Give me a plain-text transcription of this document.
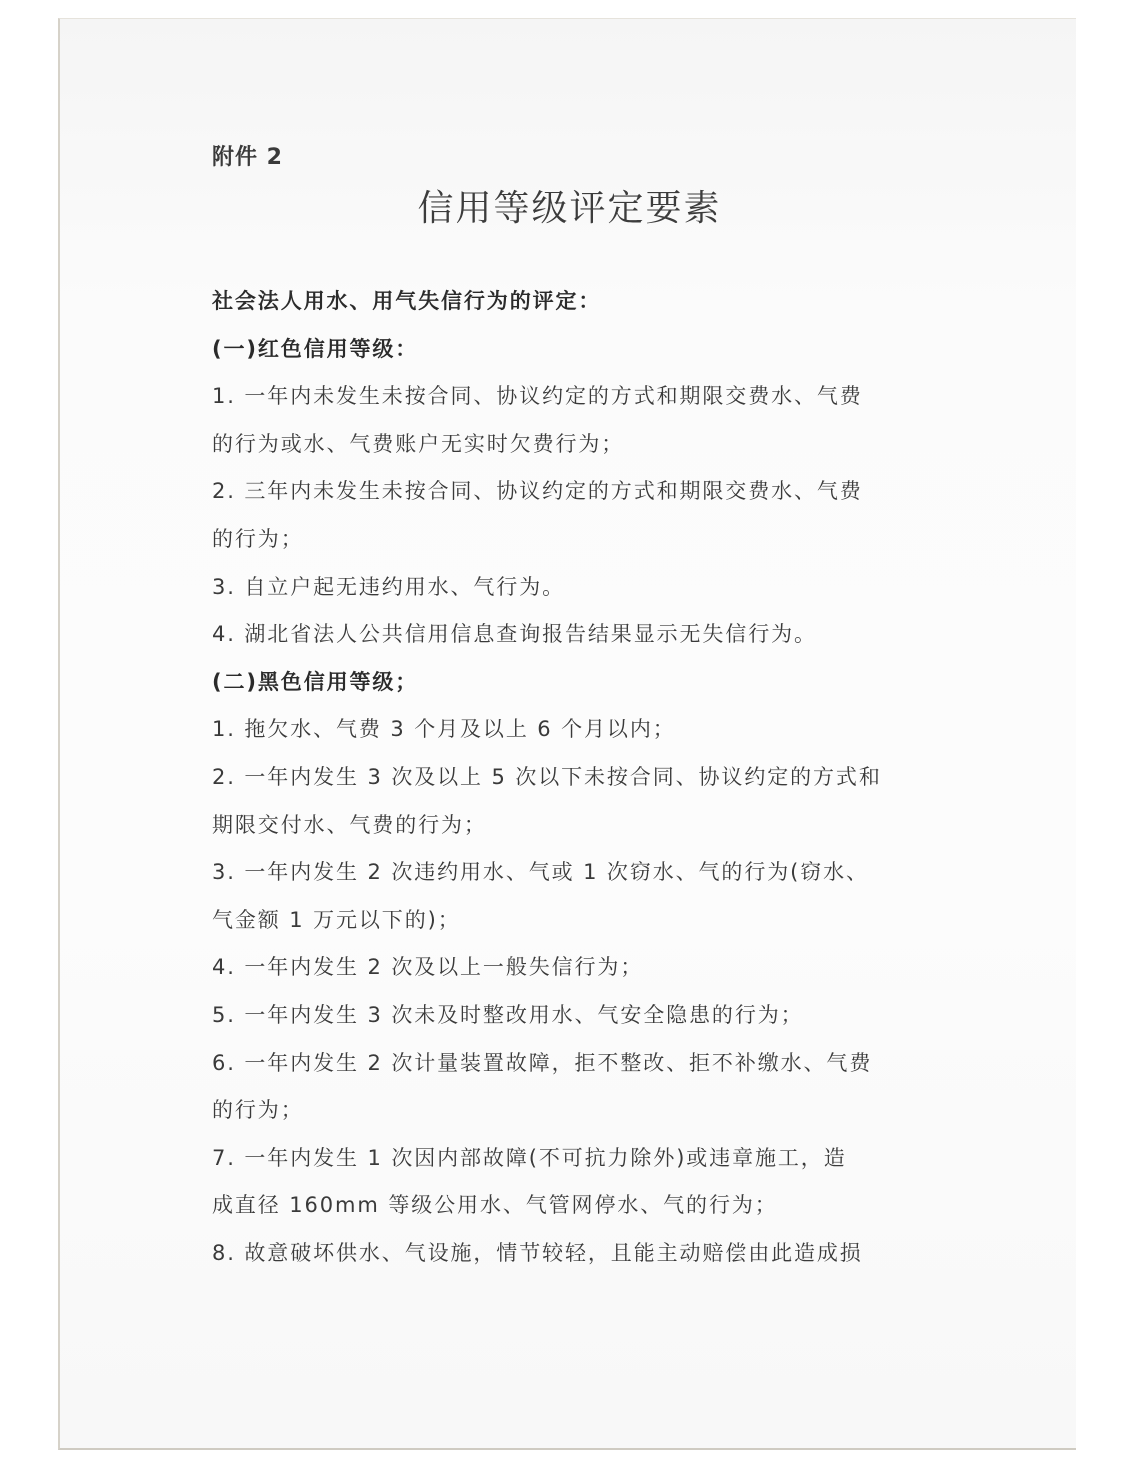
附件 2
信用等级评定要素
社会法人用水、用气失信行为的评定：
(一)红色信用等级：
1. 一年内未发生未按合同、协议约定的方式和期限交费水、气费
的行为或水、气费账户无实时欠费行为；
2. 三年内未发生未按合同、协议约定的方式和期限交费水、气费
的行为；
3. 自立户起无违约用水、气行为。
4. 湖北省法人公共信用信息查询报告结果显示无失信行为。
(二)黑色信用等级；
1. 拖欠水、气费 3 个月及以上 6 个月以内；
2. 一年内发生 3 次及以上 5 次以下未按合同、协议约定的方式和
期限交付水、气费的行为；
3. 一年内发生 2 次违约用水、气或 1 次窃水、气的行为(窃水、
气金额 1 万元以下的)；
4. 一年内发生 2 次及以上一般失信行为；
5. 一年内发生 3 次未及时整改用水、气安全隐患的行为；
6. 一年内发生 2 次计量装置故障，拒不整改、拒不补缴水、气费
的行为；
7. 一年内发生 1 次因内部故障(不可抗力除外)或违章施工，造
成直径 160mm 等级公用水、气管网停水、气的行为；
8. 故意破坏供水、气设施，情节较轻，且能主动赔偿由此造成损
